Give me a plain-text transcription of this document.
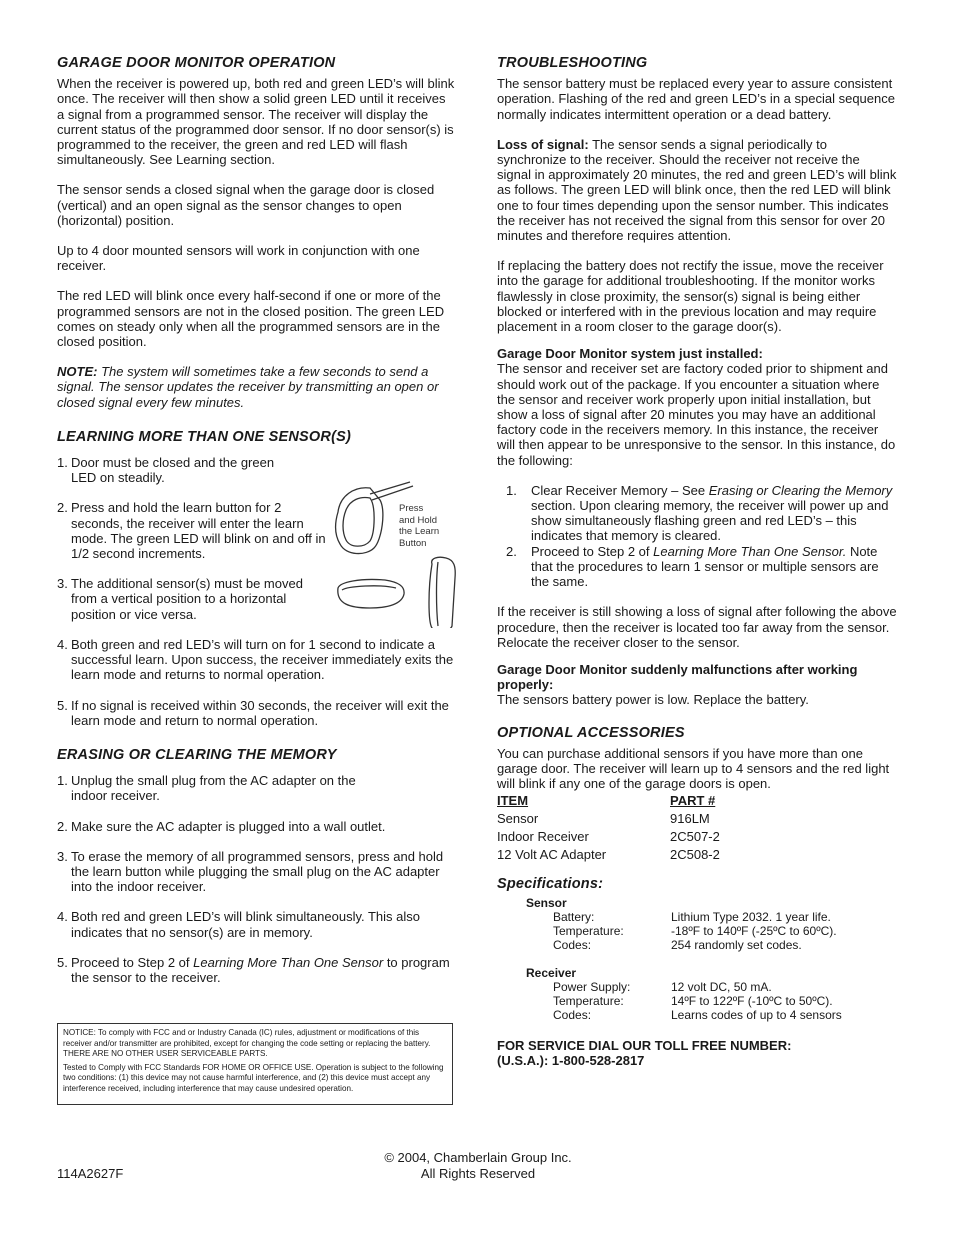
GARAGE DOOR MONITOR OPERATION

When the receiver is powered up, both red and green LED’s will blink once. The receiver will then show a solid green LED until it receives a signal from a programmed sensor. The receiver will display the current status of the programmed door sensor. If no door sensor(s) is programmed to the receiver, the green and red LED will flash simultaneously. See Learning section.

The sensor sends a closed signal when the garage door is closed (vertical) and an open signal as the sensor changes to open (horizontal) position.

Up to 4 door mounted sensors will work in conjunction with one receiver.

The red LED will blink once every half-second if one or more of the programmed sensors are not in the closed position. The green LED comes on steady only when all the programmed sensors are in the closed position.

NOTE: The system will sometimes take a few seconds to send a signal. The sensor updates the receiver by transmitting an open or closed signal every few minutes.

LEARNING MORE THAN ONE SENSOR(S)
1. Door must be closed and the green LED on steadily.
2. Press and hold the learn button for 2 seconds, the receiver will enter the learn mode. The green LED will blink on and off in 1/2 second increments.
3. The additional sensor(s) must be moved from a vertical position to a horizontal position or vice versa.
4. Both green and red LED’s will turn on for 1 second to indicate a successful learn. Upon success, the receiver immediately exits the learn mode and returns to normal operation.
5. If no signal is received within 30 seconds, the receiver will exit the learn mode and return to normal operation.
ERASING OR CLEARING THE MEMORY
1. Unplug the small plug from the AC adapter on the indoor receiver.
2. Make sure the AC adapter is plugged into a wall outlet.
3. To erase the memory of all programmed sensors, press and hold the learn button while plugging the small plug on the AC adapter into the indoor receiver.
4. Both red and green LED’s will blink simultaneously. This also indicates that no sensor(s) are in memory.
5. Proceed to Step 2 of Learning More Than One Sensor to program the sensor to the receiver.
Press
and Hold
the Learn
Button

NOTICE: To comply with FCC and or Industry Canada (IC) rules, adjustment or modifications of this receiver and/or transmitter are prohibited, except for changing the code setting or replacing the battery. THERE ARE NO OTHER USER SERVICEABLE PARTS.

Tested to Comply with FCC Standards FOR HOME OR OFFICE USE. Operation is subject to the following two conditions: (1) this device may not cause harmful interference, and (2) this device must accept any interference received, including interference that may cause undesired operation.

TROUBLESHOOTING

The sensor battery must be replaced every year to assure consistent operation. Flashing of the red and green LED’s in a special sequence normally indicates intermittent operation or a dead battery.

Loss of signal: The sensor sends a signal periodically to synchronize to the receiver. Should the receiver not receive the signal in approximately 20 minutes, the red and green LED’s will blink as follows. The green LED will blink once, then the red LED will blink one to four times depending upon the sensor number. This indicates the receiver has not received the signal from this sensor for over 20 minutes and therefore requires attention.

If replacing the battery does not rectify the issue, move the receiver into the garage for additional troubleshooting. If the monitor works flawlessly in close proximity, the sensor(s) signal is being either blocked or interfered with in the previous location and may require placement in a room closer to the garage door(s).

Garage Door Monitor system just installed:

The sensor and receiver set are factory coded prior to shipment and should work out of the package. If you encounter a situation where the sensor and receiver work properly upon initial installation, but show a loss of signal after 20 minutes you may have an additional factory code in the receivers memory. In this instance, the receiver will then appear to be unresponsive to the sensor. In this instance, do the following:

1.	Clear Receiver Memory – See Erasing or Clearing the Memory section. Upon clearing memory, the receiver will power up and show simultaneously flashing green and red LED’s – this indicates that memory is cleared.
2.	Proceed to Step 2 of Learning More Than One Sensor. Note that the procedures to learn 1 sensor or multiple sensors are the same.

If the receiver is still showing a loss of signal after following the above procedure, then the receiver is located too far away from the sensor. Relocate the receiver closer to the sensor.

Garage Door Monitor suddenly malfunctions after working properly:

The sensors battery power is low. Replace the battery.

OPTIONAL ACCESSORIES

You can purchase additional sensors if you have more than one garage door. The receiver will learn up to 4 sensors and the red light will blink if any one of the garage doors is open.

ITEM	PART #
Sensor	916LM
Indoor Receiver	2C507-2
12 Volt AC Adapter	2C508-2
Specifications:
Sensor
Battery:	Lithium Type 2032. 1 year life.
Temperature:	-18ºF to 140ºF (-25ºC to 60ºC).
Codes:	254 randomly set codes.
Receiver
Power Supply:	12 volt DC, 50 mA.
Temperature:	14ºF to 122ºF (-10ºC to 50ºC).
Codes:	Learns codes of up to 4 sensors
FOR SERVICE DIAL OUR TOLL FREE NUMBER:
(U.S.A.): 1-800-528-2817
© 2004, Chamberlain Group Inc.
All Rights Reserved
114A2627F
